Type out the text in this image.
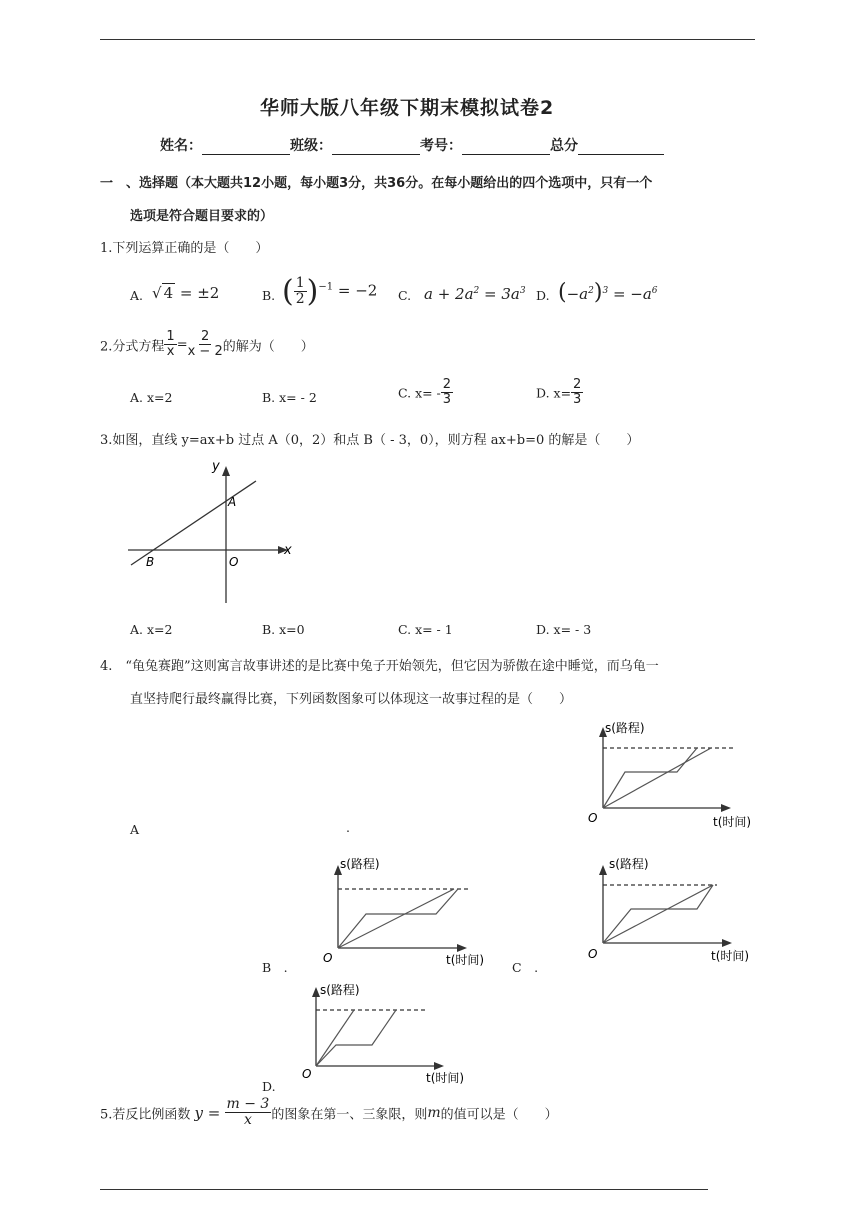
华师大版八年级下期末模拟试卷2
姓名：	班级：	考号：	总分
一　、选择题（本大题共12小题，每小题3分，共36分。在每小题给出的四个选项中，只有一个
选项是符合题目要求的）
1.下列运算正确的是（　　）
A. √ 4 = ±2	B. ( $\frac{1}{2} )^{-1} = -2$ C. $a + 2a^2 = 3a^3$ D. $(-a^2)^3 = -a^6$
2.分式方程 $\frac{1}{x} = \frac{2}{x - 2}$ 的解为（　　）
A. x=2	B. x= - 2	C. $x= - \frac{2}{3}$	D. $x= \frac{2}{3}$
3.如图，直线 y=ax+b 过点 A（0，2）和点 B（ - 3，0），则方程 ax+b=0 的解是（　　）
y
x
A
B	O
A. x=2	B. x=0	C. x= - 1	D. x= - 3
4.　“龟兔赛跑”这则寓言故事讲述的是比赛中兔子开始领先，但它因为骄傲在途中睡觉，而乌龟一
直坚持爬行最终赢得比赛，下列函数图象可以体现这一故事过程的是（　　）
A	.
s(路程)
t(时间)
O
s(路程)
t(时间)
O
B　.
s(路程)
t(时间)
O
C　.
s(路程)
t(时间)
O
D.
5.若反比例函数 $y = \frac{m - 3}{x}$ 的图象在第一、三象限，则m的值可以是（　　）
